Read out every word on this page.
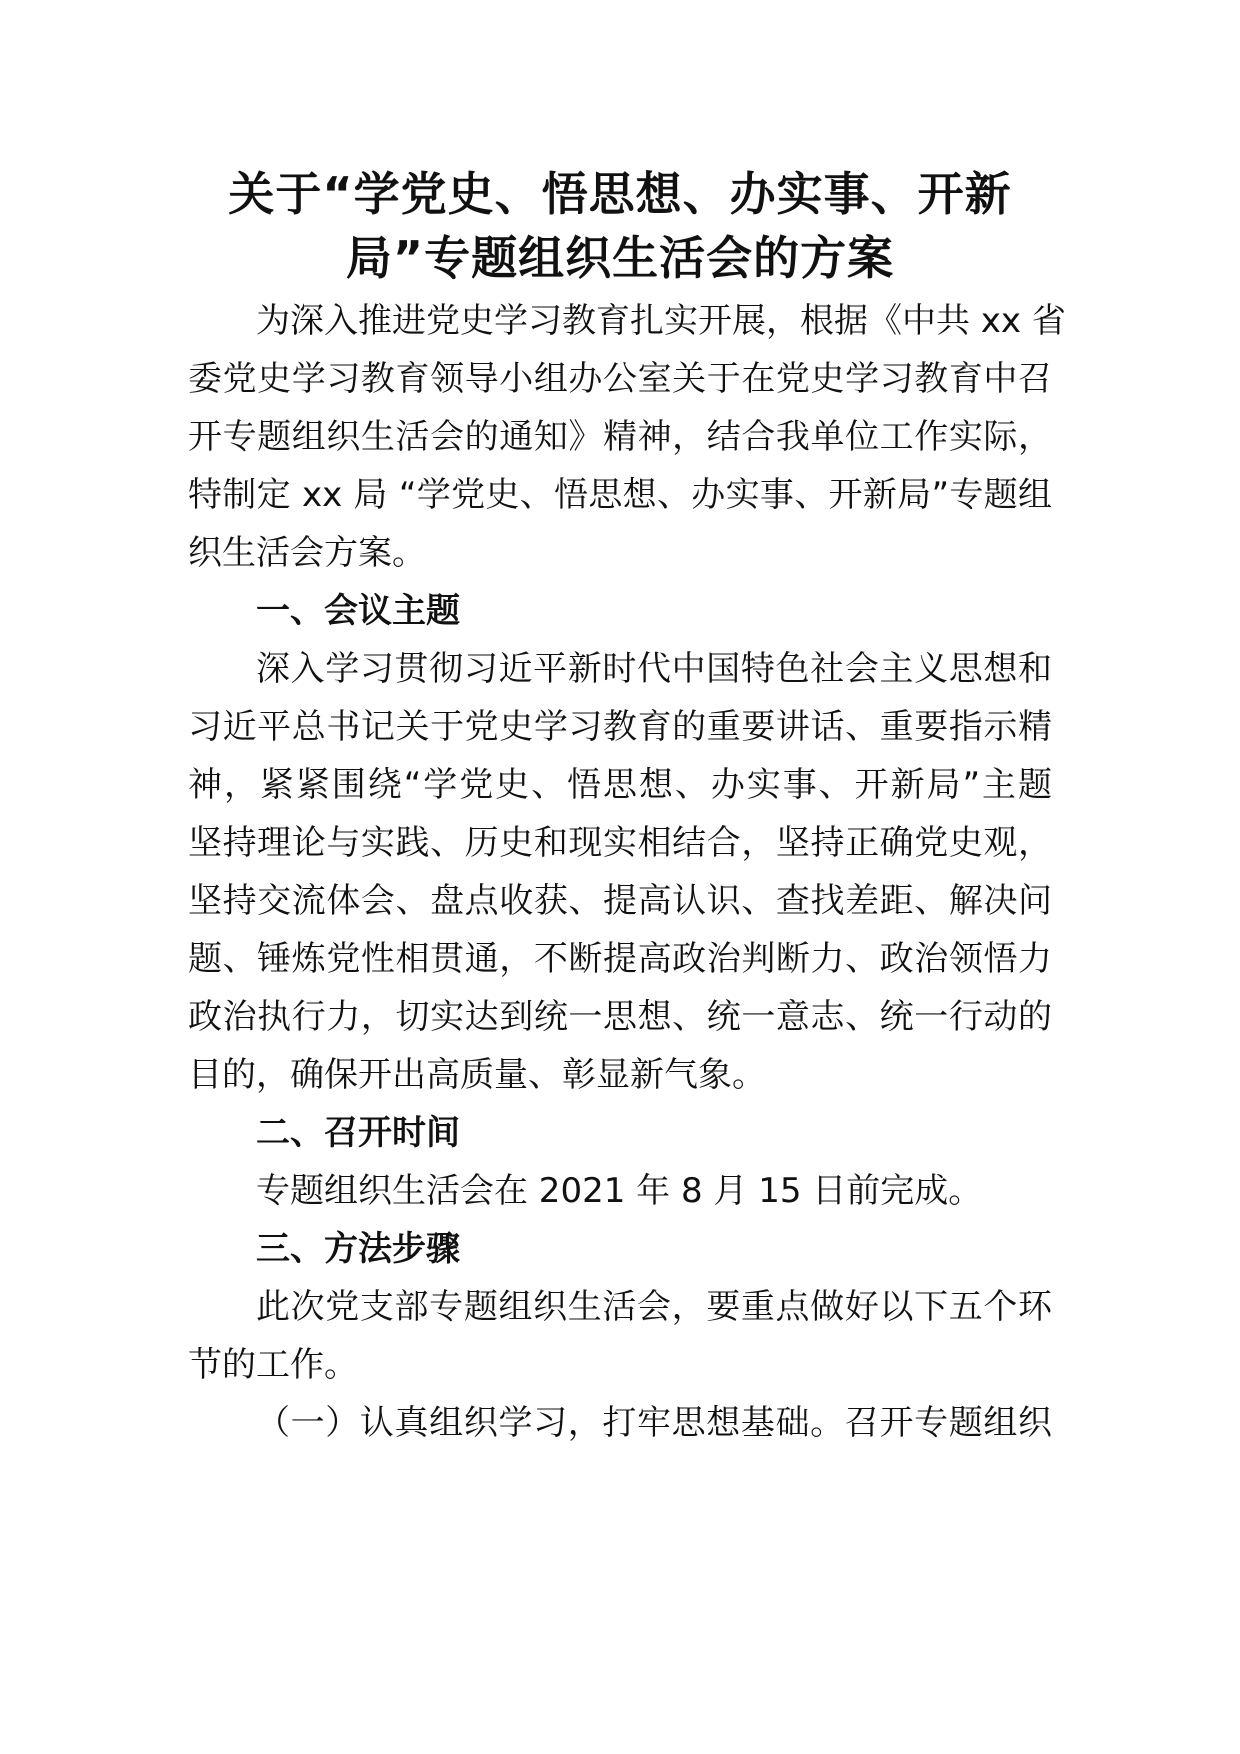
关于“学党史、悟思想、办实事、开新
局”专题组织生活会的方案

为深入推进党史学习教育扎实开展，根据《中共 xx 省

委党史学习教育领导小组办公室关于在党史学习教育中召

开专题组织生活会的通知》精神，结合我单位工作实际，

特制定 xx 局 “学党史、悟思想、办实事、开新局”专题组

织生活会方案。

一、会议主题

深入学习贯彻习近平新时代中国特色社会主义思想和

习近平总书记关于党史学习教育的重要讲话、重要指示精

神，紧紧围绕“学党史、悟思想、办实事、开新局”主题

坚持理论与实践、历史和现实相结合，坚持正确党史观，

坚持交流体会、盘点收获、提高认识、查找差距、解决问

题、锤炼党性相贯通，不断提高政治判断力、政治领悟力

政治执行力，切实达到统一思想、统一意志、统一行动的

目的，确保开出高质量、彰显新气象。

二、召开时间

专题组织生活会在 2021 年 8 月 15 日前完成。

三、方法步骤

此次党支部专题组织生活会，要重点做好以下五个环

节的工作。

（一）认真组织学习，打牢思想基础。召开专题组织
